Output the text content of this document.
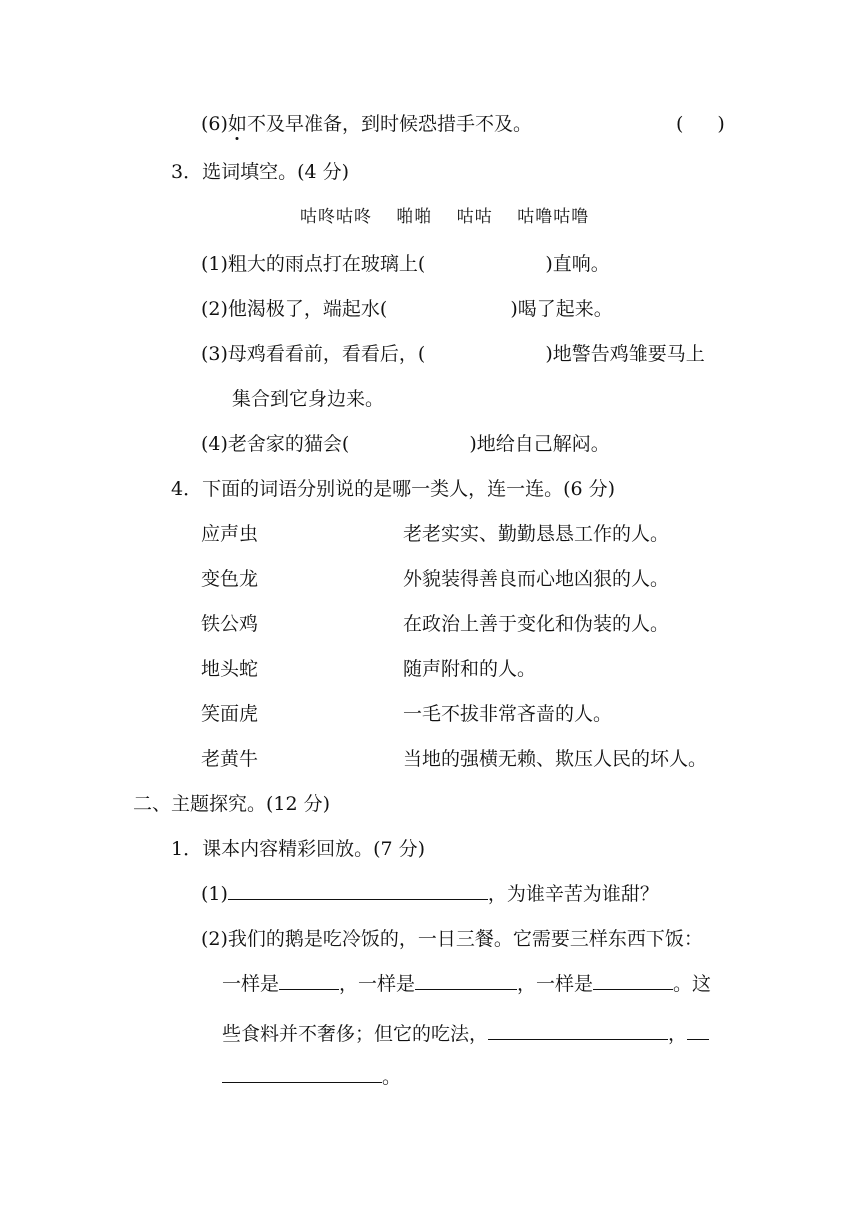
(6)如不及早准备，到时候恐措手不及。	( )
3．选词填空。(4 分)
咕咚咕咚　 啪啪　 咕咕　 咕噜咕噜
(1)粗大的雨点打在玻璃上(	)直响。
(2)他渴极了，端起水(	)喝了起来。
(3)母鸡看看前，看看后，(	)地警告鸡雏要马上
集合到它身边来。
(4)老舍家的猫会(	)地给自己解闷。
4．下面的词语分别说的是哪一类人，连一连。(6 分)
应声虫	老老实实、勤勤恳恳工作的人。
变色龙	外貌装得善良而心地凶狠的人。
铁公鸡	在政治上善于变化和伪装的人。
地头蛇	随声附和的人。
笑面虎	一毛不拔非常吝啬的人。
老黄牛	当地的强横无赖、欺压人民的坏人。
二、主题探究。(12 分)
1．课本内容精彩回放。(7 分)
(1)	，为谁辛苦为谁甜？
(2)我们的鹅是吃冷饭的，一日三餐。它需要三样东西下饭：
一样是	，一样是	，一样是	。这
些食料并不奢侈；但它的吃法，	，
。
